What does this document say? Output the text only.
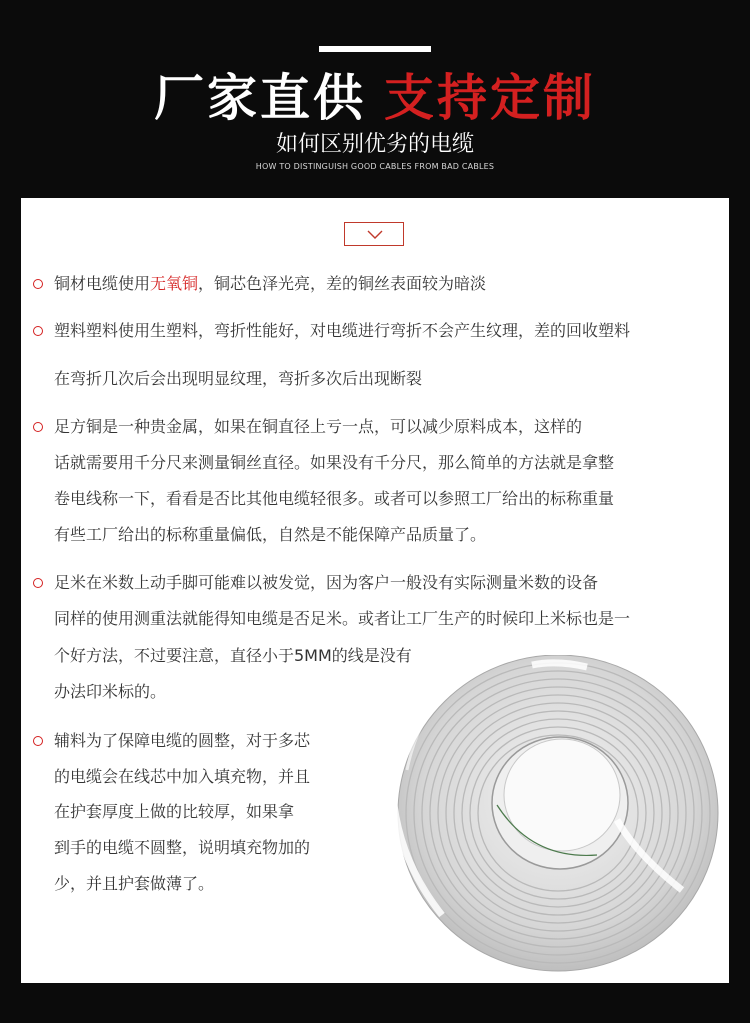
厂家直供 支持定制
如何区别优劣的电缆
HOW TO DISTINGUISH GOOD CABLES FROM BAD CABLES
铜材电缆使用无氧铜，铜芯色泽光亮，差的铜丝表面较为暗淡
塑料塑料使用生塑料，弯折性能好，对电缆进行弯折不会产生纹理，差的回收塑料
在弯折几次后会出现明显纹理，弯折多次后出现断裂
足方铜是一种贵金属，如果在铜直径上亏一点，可以减少原料成本，这样的
话就需要用千分尺来测量铜丝直径。如果没有千分尺，那么简单的方法就是拿整
卷电线称一下，看看是否比其他电缆轻很多。或者可以参照工厂给出的标称重量
有些工厂给出的标称重量偏低，自然是不能保障产品质量了。
足米在米数上动手脚可能难以被发觉，因为客户一般没有实际测量米数的设备
同样的使用测重法就能得知电缆是否足米。或者让工厂生产的时候印上米标也是一
个好方法，不过要注意，直径小于5MM的线是没有
办法印米标的。
辅料为了保障电缆的圆整，对于多芯
的电缆会在线芯中加入填充物，并且
在护套厚度上做的比较厚，如果拿
到手的电缆不圆整，说明填充物加的
少，并且护套做薄了。
